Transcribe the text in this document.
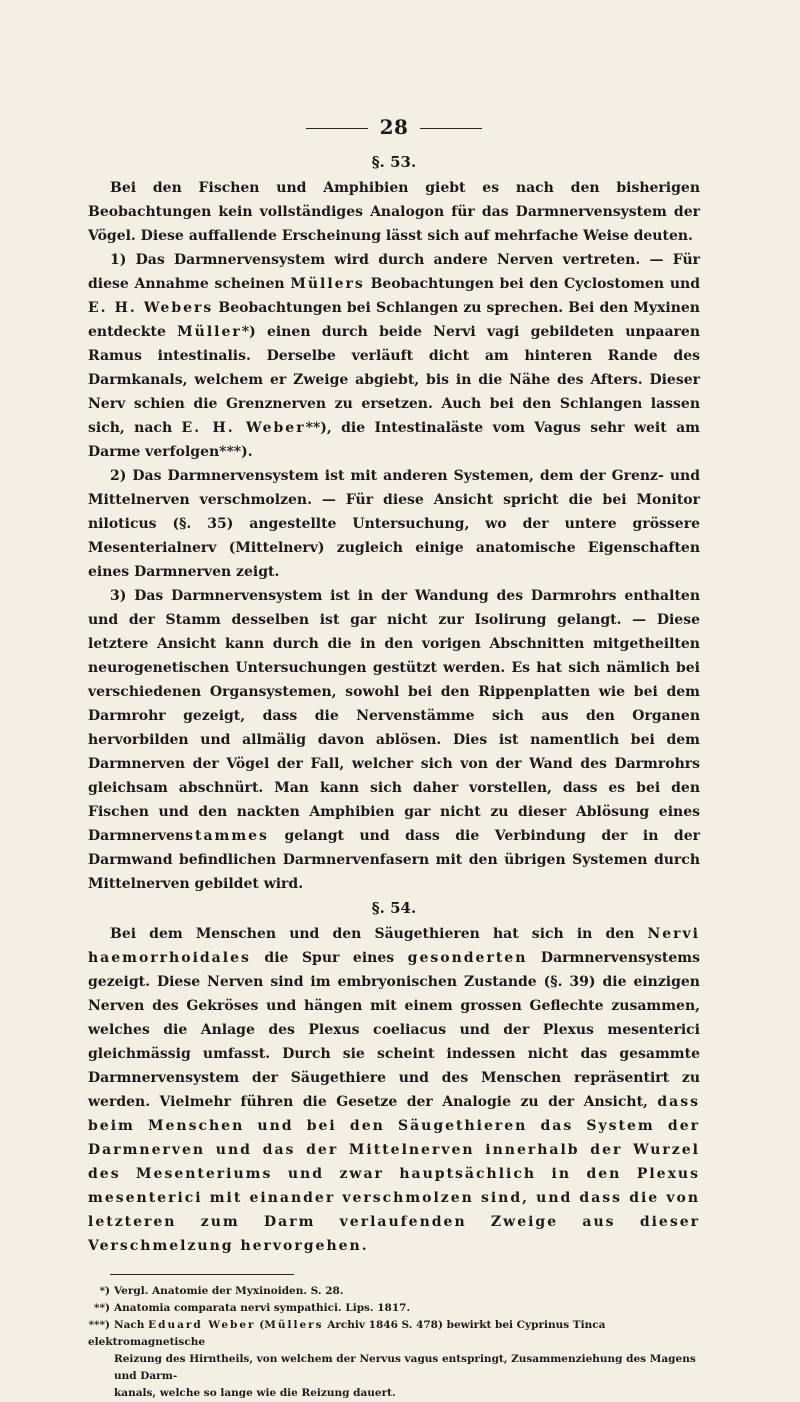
28
§. 53.

Bei den Fischen und Amphibien giebt es nach den bisherigen Beobachtungen kein vollständiges Analogon für das Darmnervensystem der Vögel. Diese auffallende Erscheinung lässt sich auf mehrfache Weise deuten.

1) Das Darmnervensystem wird durch andere Nerven vertreten. — Für diese Annahme scheinen Müllers Beobachtungen bei den Cyclostomen und E. H. Webers Beobachtungen bei Schlangen zu sprechen. Bei den Myxinen entdeckte Müller*) einen durch beide Nervi vagi gebildeten unpaaren Ramus intestinalis. Derselbe verläuft dicht am hinteren Rande des Darmkanals, welchem er Zweige abgiebt, bis in die Nähe des Afters. Dieser Nerv schien die Grenznerven zu ersetzen. Auch bei den Schlangen lassen sich, nach E. H. Weber**), die Intestinaläste vom Vagus sehr weit am Darme verfolgen***).

2) Das Darmnervensystem ist mit anderen Systemen, dem der Grenz- und Mittelnerven verschmolzen. — Für diese Ansicht spricht die bei Monitor niloticus (§. 35) angestellte Untersuchung, wo der untere grössere Mesenterialnerv (Mittelnerv) zugleich einige anatomische Eigenschaften eines Darmnerven zeigt.

3) Das Darmnervensystem ist in der Wandung des Darmrohrs enthalten und der Stamm desselben ist gar nicht zur Isolirung gelangt. — Diese letztere Ansicht kann durch die in den vorigen Abschnitten mitgetheilten neurogenetischen Untersuchungen gestützt werden. Es hat sich nämlich bei verschiedenen Organsystemen, sowohl bei den Rippenplatten wie bei dem Darmrohr gezeigt, dass die Nervenstämme sich aus den Organen hervorbilden und allmälig davon ablösen. Dies ist namentlich bei dem Darmnerven der Vögel der Fall, welcher sich von der Wand des Darmrohrs gleichsam abschnürt. Man kann sich daher vorstellen, dass es bei den Fischen und den nackten Amphibien gar nicht zu dieser Ablösung eines Darmnervenstammes gelangt und dass die Verbindung der in der Darmwand befindlichen Darmnervenfasern mit den übrigen Systemen durch Mittelnerven gebildet wird.

§. 54.

Bei dem Menschen und den Säugethieren hat sich in den Nervi haemorrhoidales die Spur eines gesonderten Darmnervensystems gezeigt. Diese Nerven sind im embryonischen Zustande (§. 39) die einzigen Nerven des Gekröses und hängen mit einem grossen Geflechte zusammen, welches die Anlage des Plexus coeliacus und der Plexus mesenterici gleichmässig umfasst. Durch sie scheint indessen nicht das gesammte Darmnervensystem der Säugethiere und des Menschen repräsentirt zu werden. Vielmehr führen die Gesetze der Analogie zu der Ansicht, dass beim Menschen und bei den Säugethieren das System der Darmnerven und das der Mittelnerven innerhalb der Wurzel des Mesenteriums und zwar hauptsächlich in den Plexus mesenterici mit einander verschmolzen sind, und dass die von letzteren zum Darm verlaufenden Zweige aus dieser Verschmelzung hervorgehen.

*) Vergl. Anatomie der Myxinoiden. S. 28.
**) Anatomia comparata nervi sympathici. Lips. 1817.
***) Nach Eduard Weber (Müllers Archiv 1846 S. 478) bewirkt bei Cyprinus Tinca elektromagnetische
Reizung des Hirntheils, von welchem der Nervus vagus entspringt, Zusammenziehung des Magens und Darm-
kanals, welche so lange wie die Reizung dauert.
